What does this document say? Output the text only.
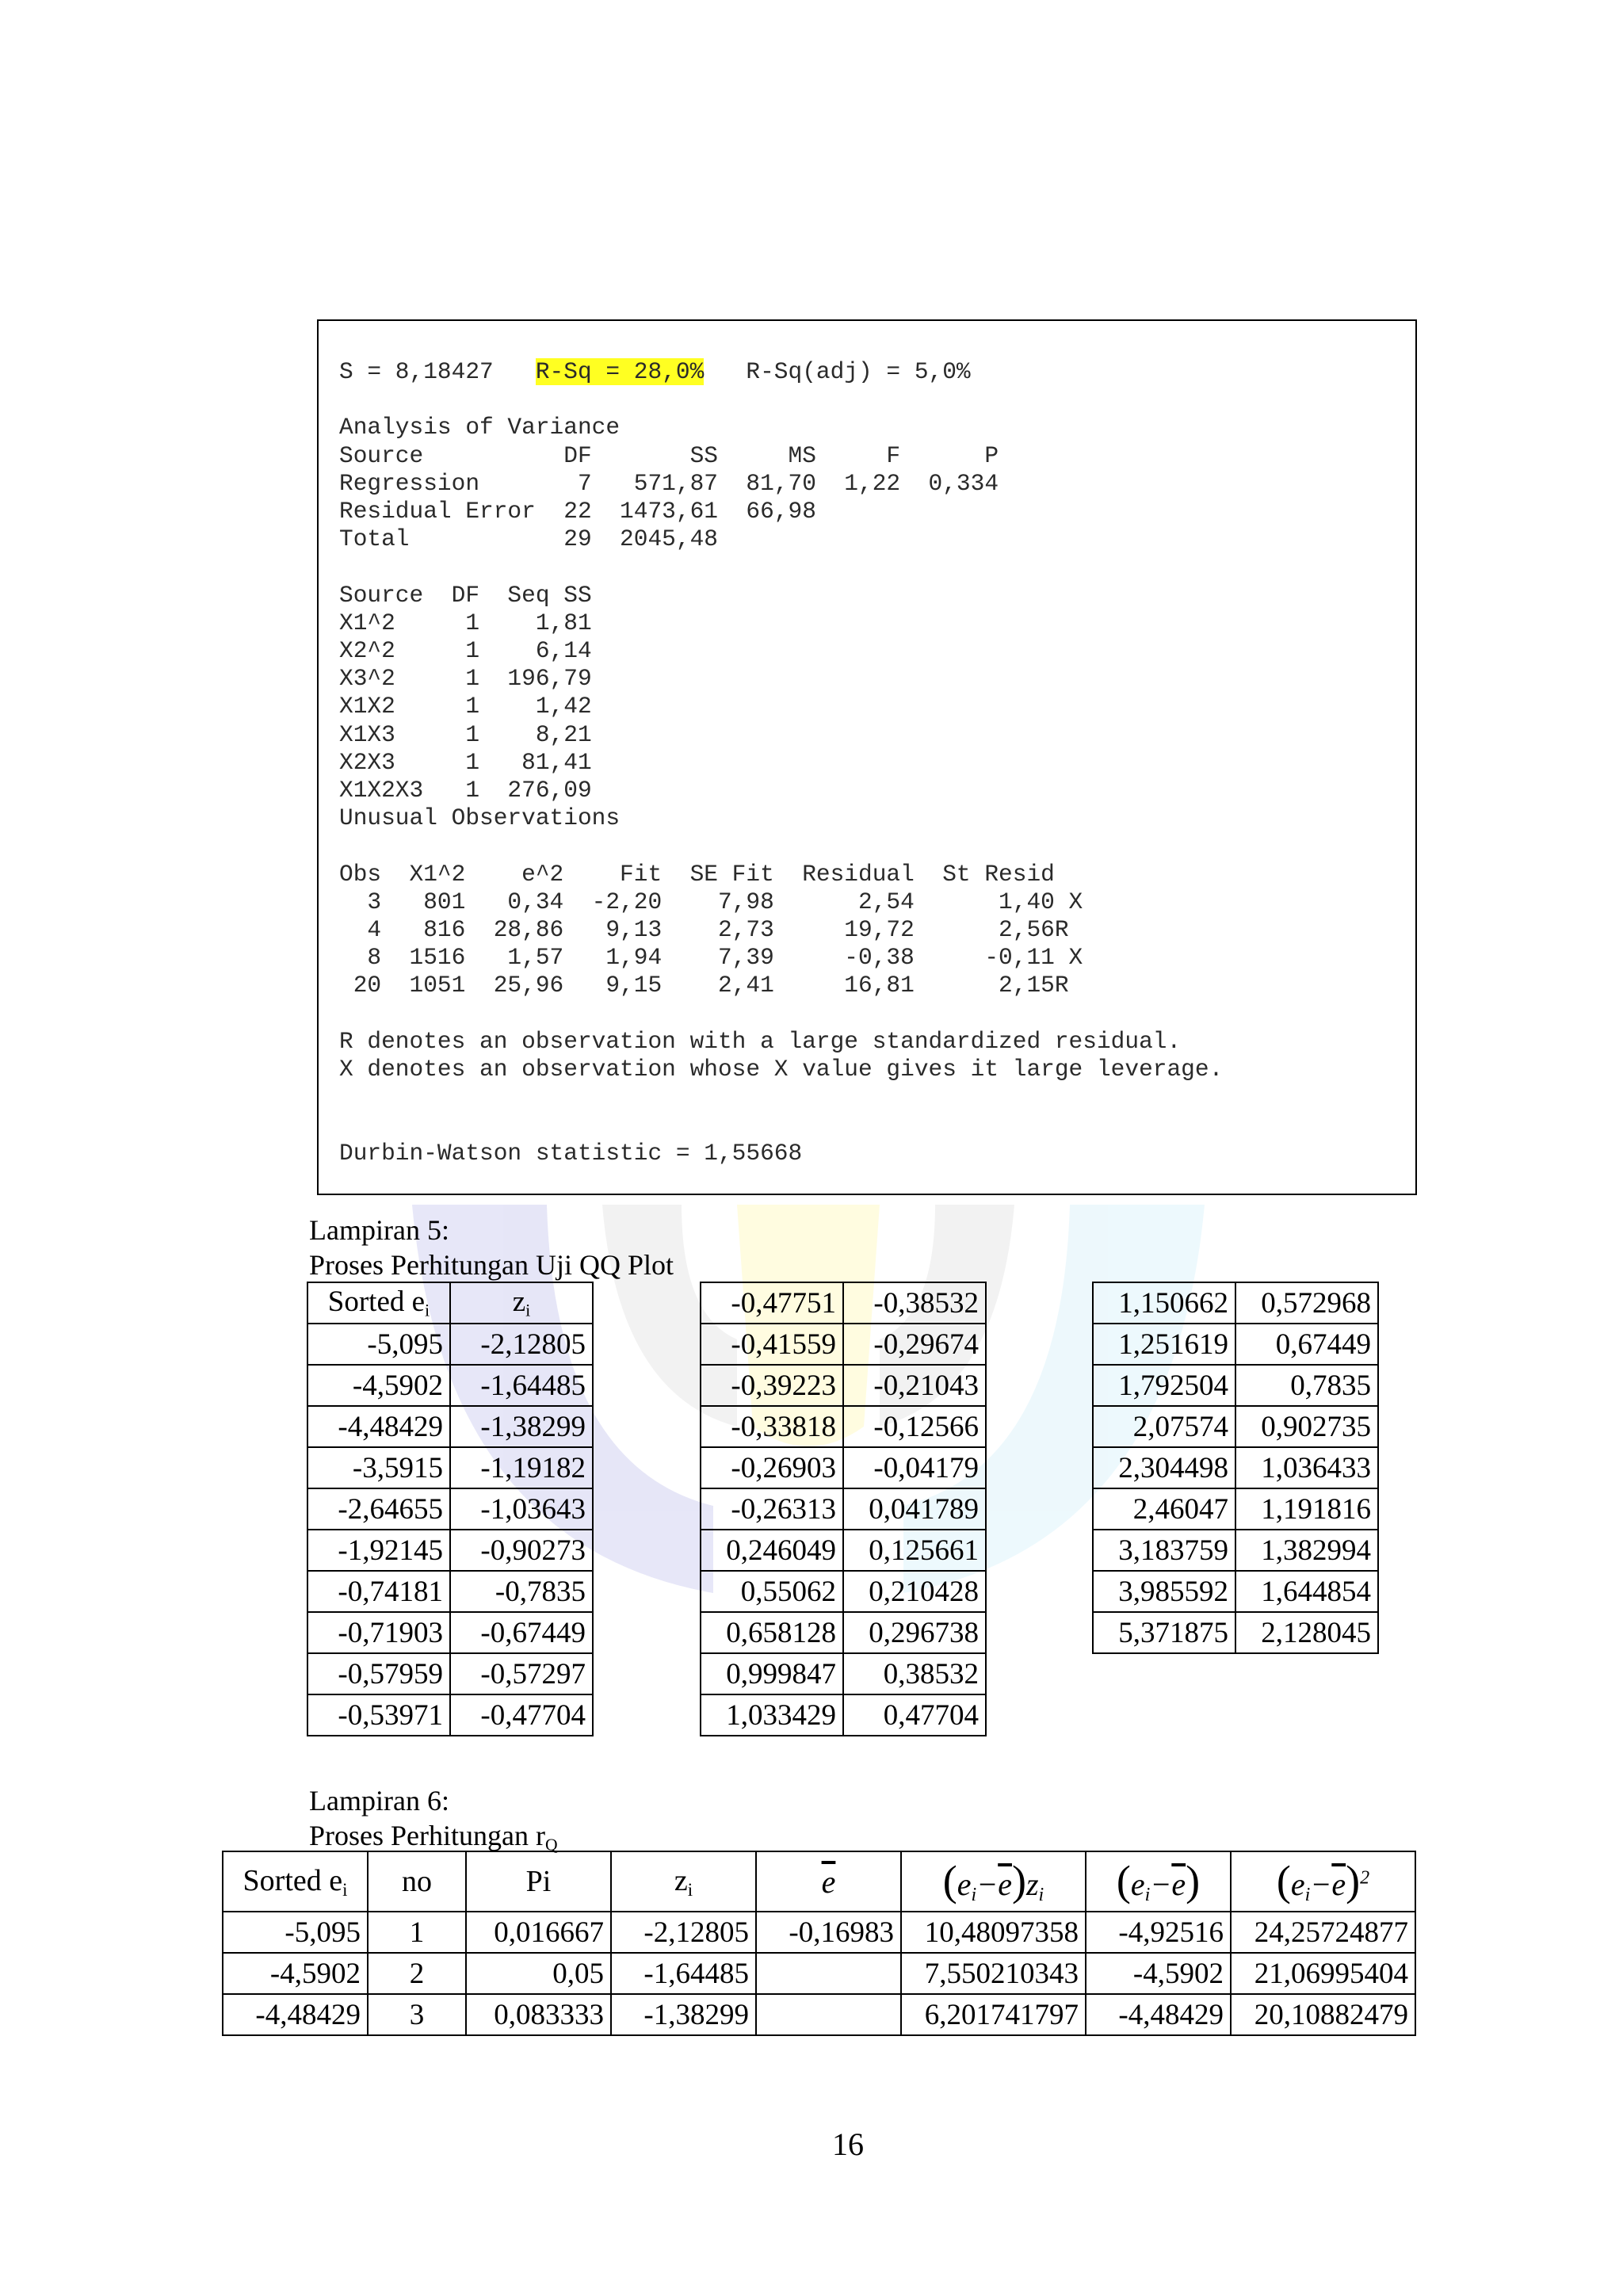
S = 8,18427   R-Sq = 28,0%   R-Sq(adj) = 5,0%

Analysis of Variance
Source          DF       SS     MS     F      P
Regression       7   571,87  81,70  1,22  0,334
Residual Error  22  1473,61  66,98
Total           29  2045,48

Source  DF  Seq SS
X1^2     1    1,81
X2^2     1    6,14
X3^2     1  196,79
X1X2     1    1,42
X1X3     1    8,21
X2X3     1   81,41
X1X2X3   1  276,09
Unusual Observations

Obs  X1^2    e^2    Fit  SE Fit  Residual  St Resid
3   801   0,34  -2,20    7,98      2,54      1,40 X
4   816  28,86   9,13    2,73     19,72      2,56R
8  1516   1,57   1,94    7,39     -0,38     -0,11 X
20  1051  25,96   9,15    2,41     16,81      2,15R

R denotes an observation with a large standardized residual.
X denotes an observation whose X value gives it large leverage.

Durbin-Watson statistic = 1,55668
Lampiran 5:
Proses Perhitungan Uji QQ Plot
Sorted $e_i$	$z_i$
-5,095	-2,12805
-4,5902	-1,64485
-4,48429	-1,38299
-3,5915	-1,19182
-2,64655	-1,03643
-1,92145	-0,90273
-0,74181	-0,7835
-0,71903	-0,67449
-0,57959	-0,57297
-0,53971	-0,47704
-0,47751	-0,38532
-0,41559	-0,29674
-0,39223	-0,21043
-0,33818	-0,12566
-0,26903	-0,04179
-0,26313	0,041789
0,246049	0,125661
0,55062	0,210428
0,658128	0,296738
0,999847	0,38532
1,033429	0,47704
1,150662	0,572968
1,251619	0,67449
1,792504	0,7835
2,07574	0,902735
2,304498	1,036433
2,46047	1,191816
3,183759	1,382994
3,985592	1,644854
5,371875	2,128045
Lampiran 6:
Proses Perhitungan $r_Q$
Sorted $e_i$	no	Pi	$z_i$	$\overline{e}$	$(e_i-\overline{e})z_i$	$(e_i-\overline{e})$	$(e_i-\overline{e})^2$
-5,095	1	0,016667	-2,12805	-0,16983	10,48097358	-4,92516	24,25724877
-4,5902	2	0,05	-1,64485		7,550210343	-4,5902	21,06995404
-4,48429	3	0,083333	-1,38299		6,201741797	-4,48429	20,10882479
16
